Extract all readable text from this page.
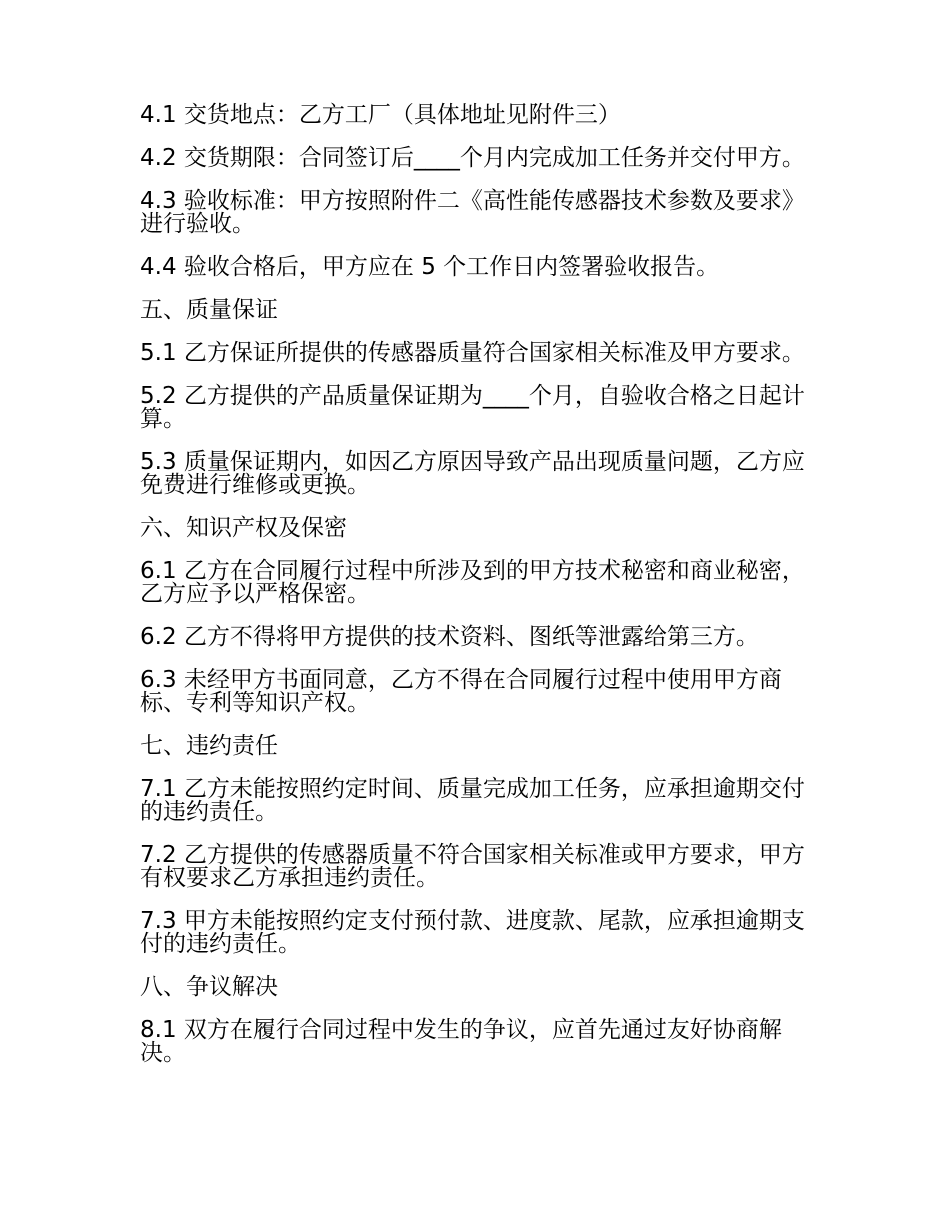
4.1 交货地点：乙方工厂（具体地址见附件三）

4.2 交货期限：合同签订后____个月内完成加工任务并交付甲方。

4.3 验收标准：甲方按照附件二《高性能传感器技术参数及要求》进行验收。

4.4 验收合格后，甲方应在 5 个工作日内签署验收报告。

五、质量保证

5.1 乙方保证所提供的传感器质量符合国家相关标准及甲方要求。

5.2 乙方提供的产品质量保证期为____个月，自验收合格之日起计算。

5.3 质量保证期内，如因乙方原因导致产品出现质量问题，乙方应免费进行维修或更换。

六、知识产权及保密

6.1 乙方在合同履行过程中所涉及到的甲方技术秘密和商业秘密，乙方应予以严格保密。

6.2 乙方不得将甲方提供的技术资料、图纸等泄露给第三方。

6.3 未经甲方书面同意，乙方不得在合同履行过程中使用甲方商标、专利等知识产权。

七、违约责任

7.1 乙方未能按照约定时间、质量完成加工任务，应承担逾期交付的违约责任。

7.2 乙方提供的传感器质量不符合国家相关标准或甲方要求，甲方有权要求乙方承担违约责任。

7.3 甲方未能按照约定支付预付款、进度款、尾款，应承担逾期支付的违约责任。

八、争议解决

8.1 双方在履行合同过程中发生的争议，应首先通过友好协商解决。
